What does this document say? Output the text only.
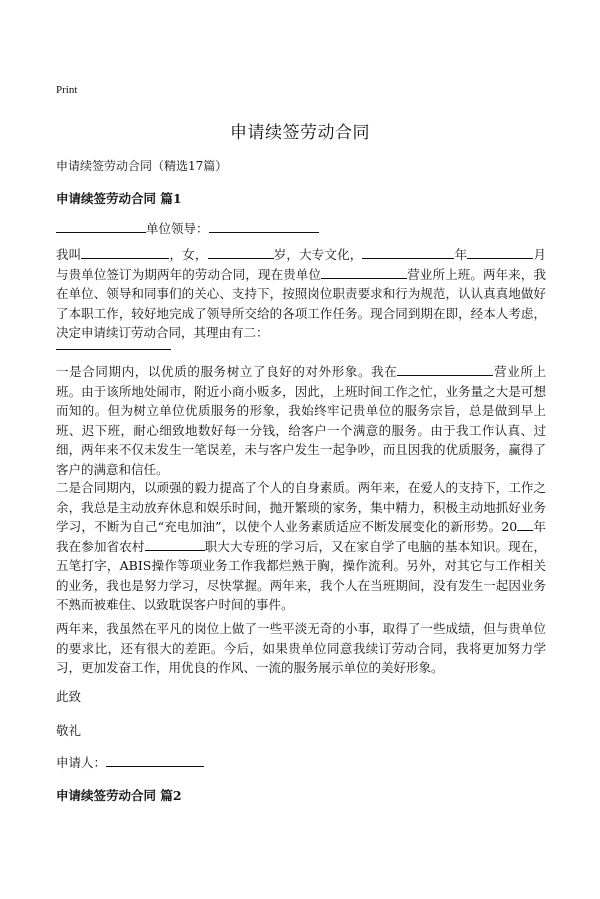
Print
申请续签劳动合同
申请续签劳动合同（精选17篇）
申请续签劳动合同 篇1
单位领导：
我叫	，女，	岁，大专文化，	年	月与贵单位签订为期两年的劳动合同，现在贵单位	营业所上班。两年来，我在单位、领导和同事们的关心、支持下，按照岗位职责要求和行为规范，认认真真地做好了本职工作，较好地完成了领导所交给的各项工作任务。现合同到期在即，经本人考虑，决定申请续订劳动合同，其理由有二：
一是合同期内，以优质的服务树立了良好的对外形象。我在	营业所上班。由于该所地处闹市，附近小商小贩多，因此，上班时间工作之忙，业务量之大是可想而知的。但为树立单位优质服务的形象，我始终牢记贵单位的服务宗旨，总是做到早上班、迟下班，耐心细致地数好每一分钱，给客户一个满意的服务。由于我工作认真、过细，两年来不仅未发生一笔误差，未与客户发生一起争吵，而且因我的优质服务，赢得了客户的满意和信任。
二是合同期内，以顽强的毅力提高了个人的自身素质。两年来，在爱人的支持下，工作之余，我总是主动放弃休息和娱乐时间，抛开繁琐的家务，集中精力，积极主动地抓好业务学习，不断为自己“充电加油”，以使个人业务素质适应不断发展变化的新形势。20 年我在参加省农村	职大大专班的学习后，又在家自学了电脑的基本知识。现在，五笔打字，ABIS操作等项业务工作我都烂熟于胸，操作流利。另外，对其它与工作相关的业务，我也是努力学习，尽快掌握。两年来，我个人在当班期间，没有发生一起因业务不熟而被难住、以致耽误客户时间的事件。
两年来，我虽然在平凡的岗位上做了一些平淡无奇的小事，取得了一些成绩，但与贵单位的要求比，还有很大的差距。今后，如果贵单位同意我续订劳动合同，我将更加努力学习，更加发奋工作，用优良的作风、一流的服务展示单位的美好形象。
此致
敬礼
申请人：
申请续签劳动合同 篇2
